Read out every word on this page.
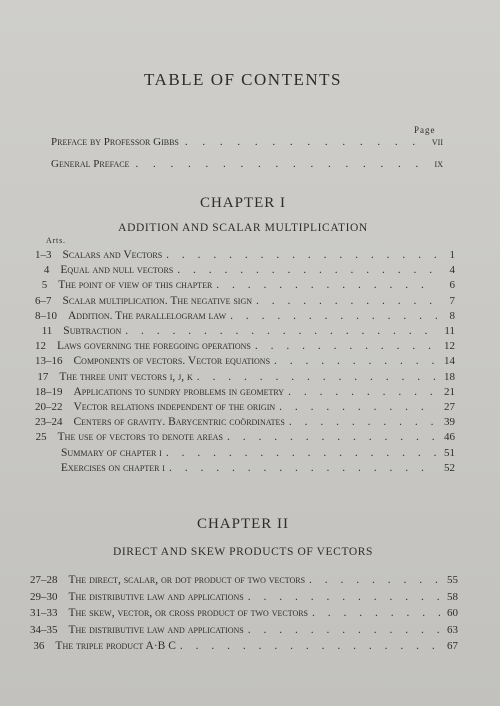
TABLE OF CONTENTS
Page
Preface by Professor Gibbs . . .	vii
General Preface . . .	ix
CHAPTER I
ADDITION AND SCALAR MULTIPLICATION
Arts.
1–3 Scalars and Vectors . . .	1
4 Equal and null vectors . . .	4
5 The point of view of this chapter . . .	6
6–7 Scalar multiplication. The negative sign . . .	7
8–10 Addition. The parallelogram law . . .	8
11 Subtraction . . .	11
12 Laws governing the foregoing operations . . .	12
13–16 Components of vectors. Vector equations . . .	14
17 The three unit vectors i, j, k . . .	18
18–19 Applications to sundry problems in geometry . . .	21
20–22 Vector relations independent of the origin . . .	27
23–24 Centers of gravity. Barycentric coördinates . . .	39
25 The use of vectors to denote areas . . .	46
Summary of chapter i . . .	51
Exercises on chapter i . . .	52
CHAPTER II
DIRECT AND SKEW PRODUCTS OF VECTORS
27–28 The direct, scalar, or dot product of two vectors . . .	55
29–30 The distributive law and applications . . .	58
31–33 The skew, vector, or cross product of two vectors . . .	60
34–35 The distributive law and applications . . .	63
36 The triple product A·B C . . .	67
